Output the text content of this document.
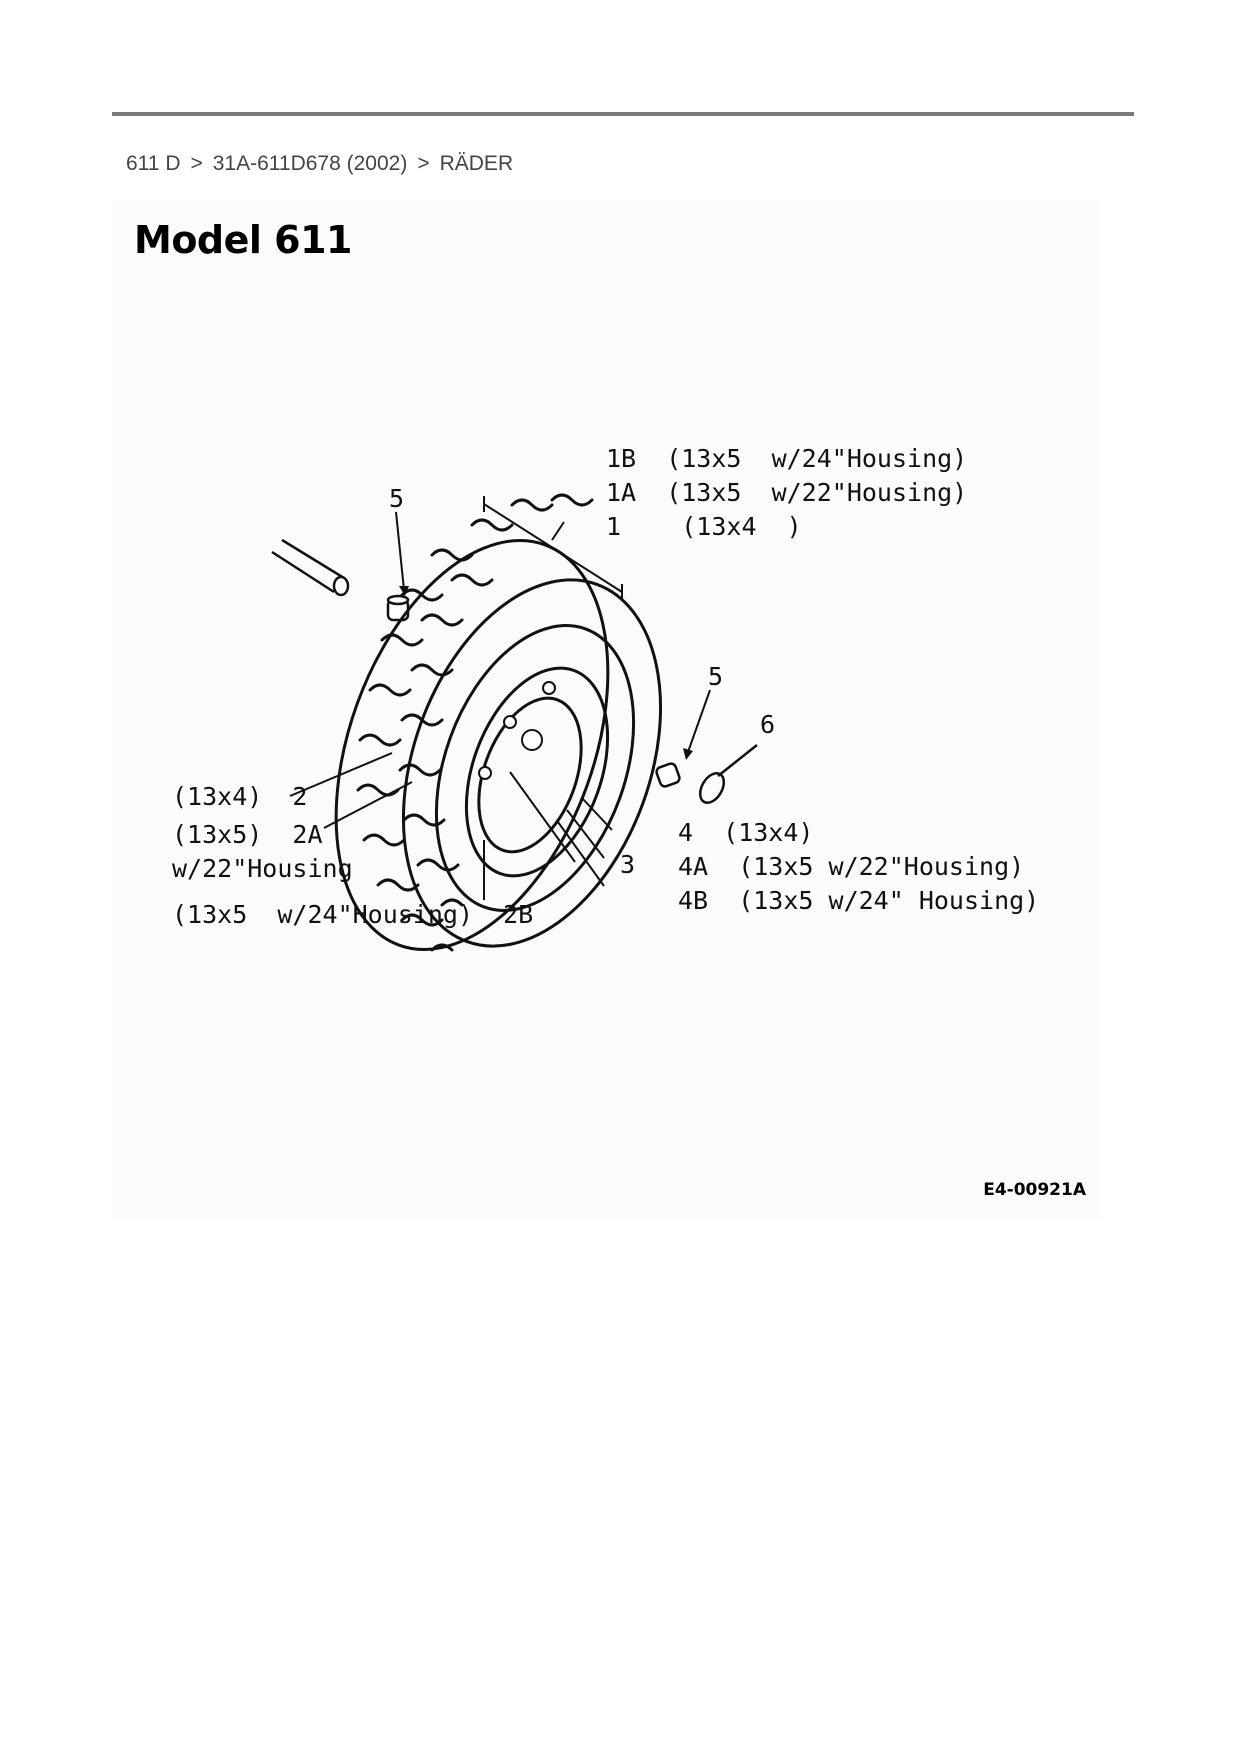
611 D > 31A-611D678 (2002) > RÄDER
Model 611
1B  (13x5  w/24"Housing)
1A  (13x5  w/22"Housing)
1    (13x4  )
5
5
6
(13x4)  2
(13x5)  2A
w/22"Housing
(13x5  w/24"Housing)  2B
3
4  (13x4)
4A  (13x5 w/22"Housing)
4B  (13x5 w/24" Housing)
E4-00921A
